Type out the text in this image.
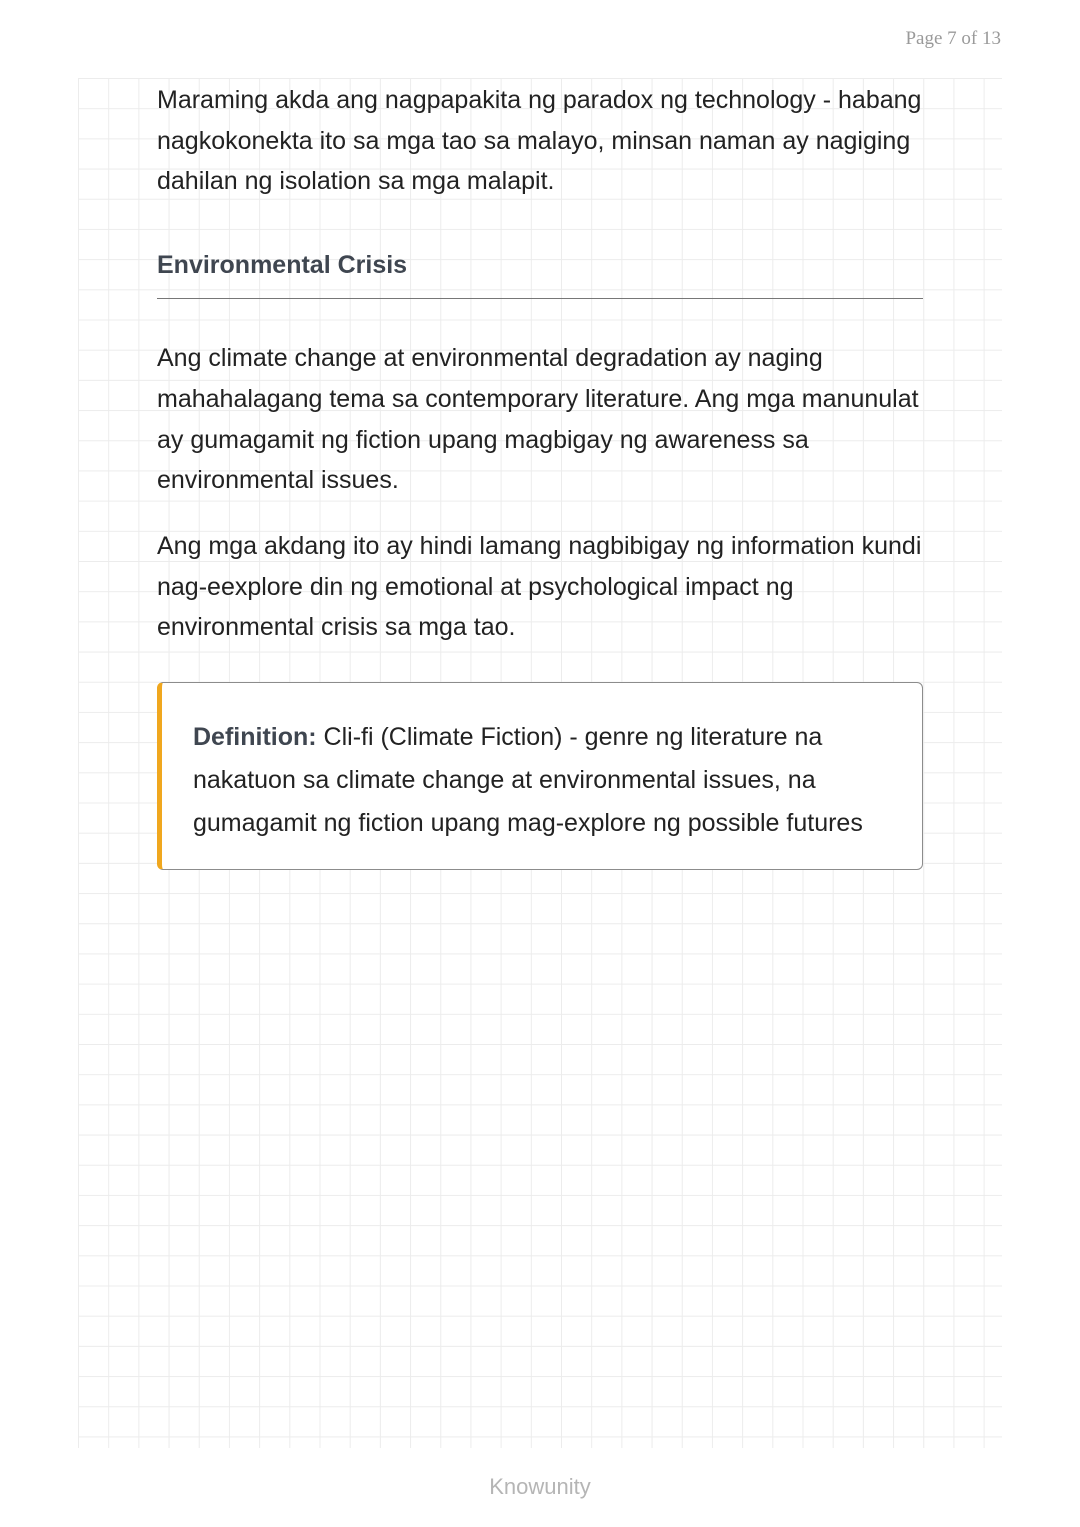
Page 7 of 13

Maraming akda ang nagpapakita ng paradox ng technology - habang nagkokonekta ito sa mga tao sa malayo, minsan naman ay nagiging dahilan ng isolation sa mga malapit.

Environmental Crisis

Ang climate change at environmental degradation ay naging mahahalagang tema sa contemporary literature. Ang mga manunulat ay gumagamit ng fiction upang magbigay ng awareness sa environmental issues.

Ang mga akdang ito ay hindi lamang nagbibigay ng information kundi nag-eexplore din ng emotional at psychological impact ng environmental crisis sa mga tao.

Definition: Cli-fi (Climate Fiction) - genre ng literature na nakatuon sa climate change at environmental issues, na gumagamit ng fiction upang mag-explore ng possible futures
Knowunity
